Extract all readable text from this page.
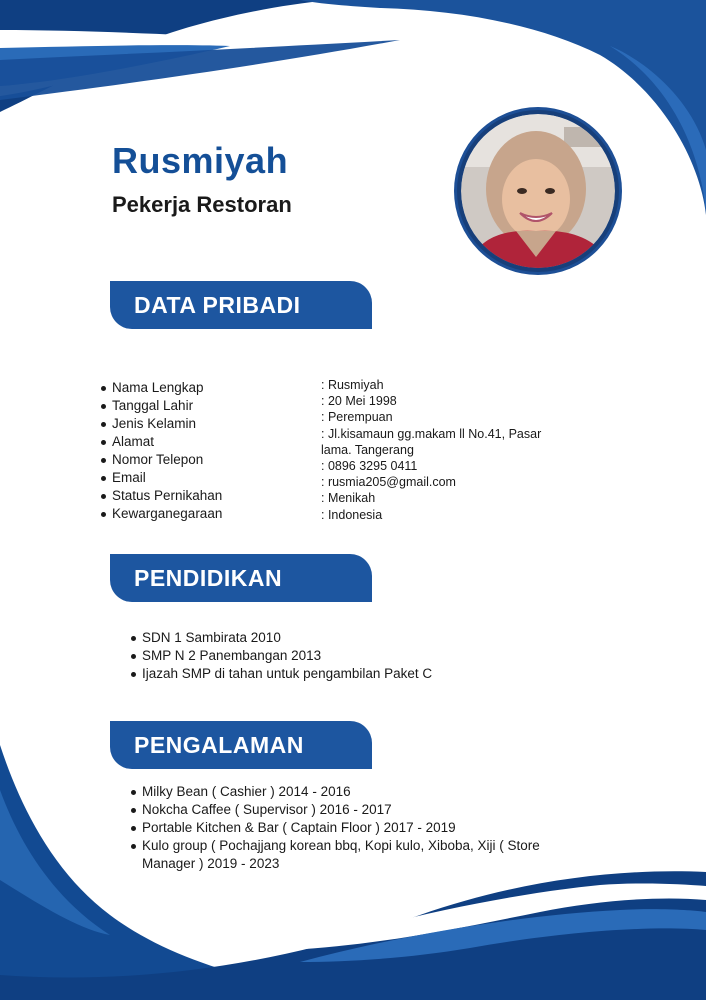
Rusmiyah
Pekerja Restoran
DATA PRIBADI
Nama Lengkap
Tanggal Lahir
Jenis Kelamin
Alamat
Nomor Telepon
Email
Status Pernikahan
Kewarganegaraan
: Rusmiyah
: 20 Mei 1998
: Perempuan
: Jl.kisamaun gg.makam ll No.41, Pasar lama. Tangerang
: 0896 3295 0411
: rusmia205@gmail.com
: Menikah
: Indonesia
PENDIDIKAN
SDN 1 Sambirata 2010
SMP N 2 Panembangan 2013
Ijazah SMP di tahan untuk pengambilan Paket C
PENGALAMAN
Milky Bean ( Cashier ) 2014 - 2016
Nokcha Caffee ( Supervisor ) 2016 - 2017
Portable Kitchen & Bar ( Captain Floor ) 2017 - 2019
Kulo group ( Pochajjang korean bbq, Kopi kulo, Xiboba, Xiji ( Store Manager ) 2019 - 2023
